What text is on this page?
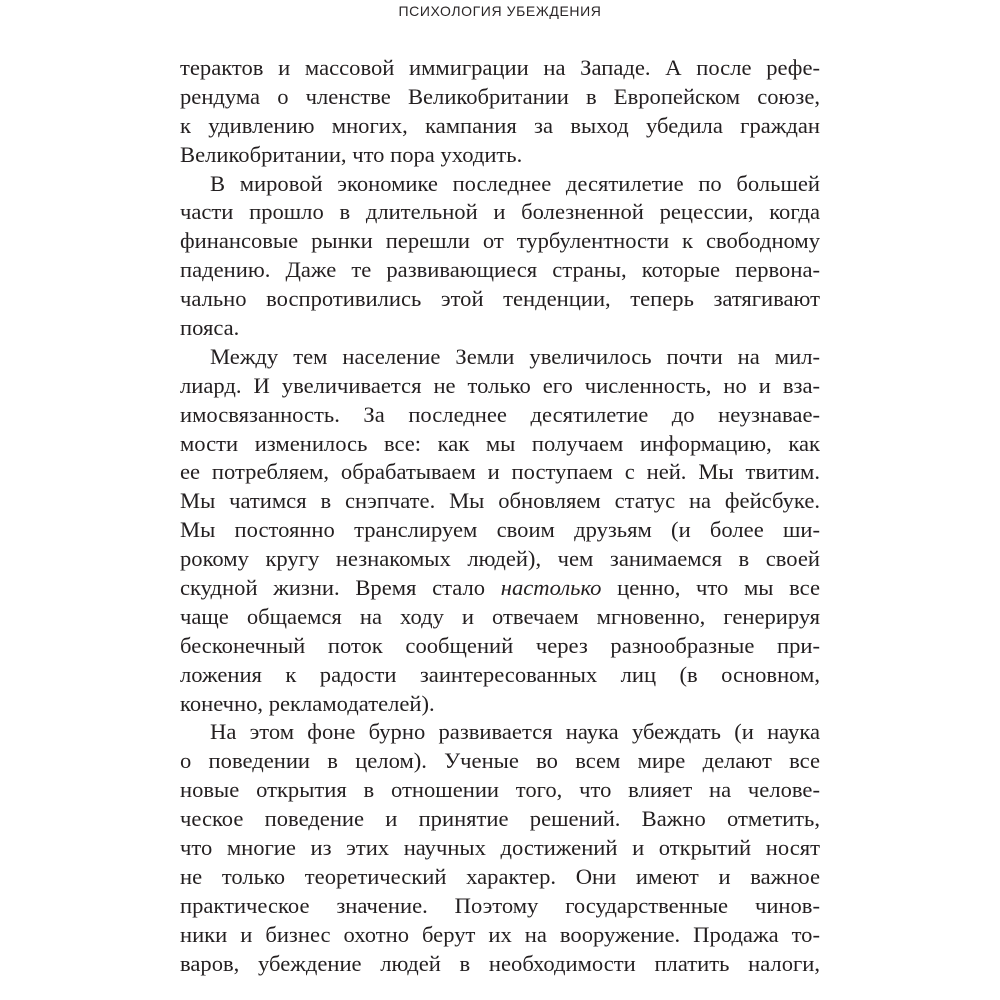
ПСИХОЛОГИЯ УБЕЖДЕНИЯ
терактов и массовой иммиграции на Западе. А после рефе-
рендума о членстве Великобритании в Европейском союзе,
к удивлению многих, кампания за выход убедила граждан
Великобритании, что пора уходить.
В мировой экономике последнее десятилетие по большей
части прошло в длительной и болезненной рецессии, когда
финансовые рынки перешли от турбулентности к свободному
падению. Даже те развивающиеся страны, которые первона-
чально воспротивились этой тенденции, теперь затягивают
пояса.
Между тем население Земли увеличилось почти на мил-
лиард. И увеличивается не только его численность, но и вза-
имосвязанность. За последнее десятилетие до неузнавае-
мости изменилось все: как мы получаем информацию, как
ее потребляем, обрабатываем и поступаем с ней. Мы твитим.
Мы чатимся в снэпчате. Мы обновляем статус на фейсбуке.
Мы постоянно транслируем своим друзьям (и более ши-
рокому кругу незнакомых людей), чем занимаемся в своей
скудной жизни. Время стало настолько ценно, что мы все
чаще общаемся на ходу и отвечаем мгновенно, генерируя
бесконечный поток сообщений через разнообразные при-
ложения к радости заинтересованных лиц (в основном,
конечно, рекламодателей).
На этом фоне бурно развивается наука убеждать (и наука
о поведении в целом). Ученые во всем мире делают все
новые открытия в отношении того, что влияет на челове-
ческое поведение и принятие решений. Важно отметить,
что многие из этих научных достижений и открытий носят
не только теоретический характер. Они имеют и важное
практическое значение. Поэтому государственные чинов-
ники и бизнес охотно берут их на вооружение. Продажа то-
варов, убеждение людей в необходимости платить налоги,
